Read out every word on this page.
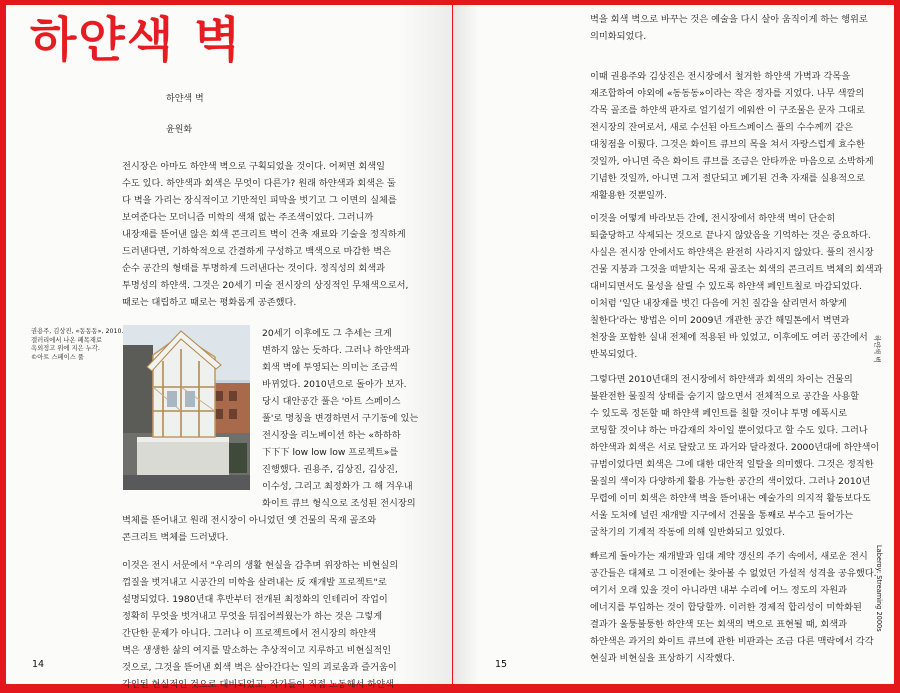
하얀색 벽
하얀색 벽
윤원화
전시장은 아마도 하얀색 벽으로 구획되었을 것이다. 어쩌면 회색일
수도 있다. 하얀색과 회색은 무엇이 다른가? 원래 하얀색과 회색은 둘
다 벽을 가리는 장식적이고 기만적인 피막을 벗기고 그 이면의 실체를
보여준다는 모더니즘 미학의 색채 없는 주조색이었다. 그러니까
내장재를 뜯어낸 않은 회색 콘크리트 벽이 건축 재료와 기술을 정직하게
드러낸다면, 기하학적으로 간결하게 구성하고 백색으로 마감한 벽은
순수 공간의 형태를 투명하게 드러낸다는 것이다. 정직성의 회색과
투명성의 하얀색. 그것은 20세기 미술 전시장의 상징적인 무채색으로서,
때로는 대립하고 때로는 평화롭게 공존했다.
권용주, 김상진, «동동동», 2010.
갤러리에서 나온 폐목재로
옥외정고 위에 지은 누각.
©아트 스페이스 풀
20세기 이후에도 그 추세는 크게
변하지 않는 듯하다. 그러나 하얀색과
회색 벽에 투영되는 의미는 조금씩
바뀌었다. 2010년으로 돌아가 보자.
당시 대안공간 풀은 '아트 스페이스
풀'로 명칭을 변경하면서 구기동에 있는
전시장을 리노베이션 하는 «하하하
下下下 low low low 프로젝트»를
진행했다. 권용주, 김상진, 김상진,
이수성, 그리고 최정화가 그 해 겨우내
화이트 큐브 형식으로 조성된 전시장의
벽체를 뜯어내고 원래 전시장이 아니었던 옛 건물의 목재 골조와
콘크리트 벽체를 드러냈다.
이것은 전시 서문에서 "우리의 생활 현실을 감추며 위장하는 비현실의
껍질을 벗겨내고 시공간의 미학을 살려내는 反 재개발 프로젝트"로
설명되었다. 1980년대 후반부터 전개된 최정화의 인테리어 작업이
정확히 무엇을 벗겨내고 무엇을 뒤집어씌웠는가 하는 것은 그렇게
간단한 문제가 아니다. 그러나 이 프로젝트에서 전시장의 하얀색
벽은 생생한 삶의 여지를 말소하는 추상적이고 지루하고 비현실적인
것으로, 그것을 뜯어낸 회색 벽은 살아간다는 일의 괴로움과 즐거움이
각인된 현실적인 것으로 대비되었고, 작가들이 직접 노동해서 하얀색
14
벽을 회색 벽으로 바꾸는 것은 예술을 다시 살아 움직이게 하는 행위로
의미화되었다.
이때 권용주와 김상진은 전시장에서 철거한 하얀색 가벽과 각목을
재조합하여 야외에 «동동동»이라는 작은 정자를 지었다. 나무 색깔의
각목 골조를 하얀색 판자로 얼기설기 에워싼 이 구조물은 문자 그대로
전시장의 잔여로서, 새로 수선된 아트스페이스 풀의 수수께끼 같은
대칭점을 이뤘다. 그것은 화이트 큐브의 목을 쳐서 자랑스럽게 효수한
것일까, 아니면 죽은 화이트 큐브를 조금은 안타까운 마음으로 소박하게
기념한 것일까, 아니면 그저 절단되고 폐기된 건축 자재를 실용적으로
재활용한 것뿐일까.
이것을 어떻게 바라보든 간에, 전시장에서 하얀색 벽이 단순히
퇴출당하고 삭제되는 것으로 끝나지 않았음을 기억하는 것은 중요하다.
사실은 전시장 안에서도 하얀색은 완전히 사라지지 않았다. 풀의 전시장
건물 지붕과 그것을 떠받치는 목재 골조는 회색의 콘크리트 벽체의 회색과
대비되면서도 물성을 살릴 수 있도록 하얀색 페인트칠로 마감되었다.
이처럼 '일단 내장재를 벗긴 다음에 거친 질감을 살리면서 하얗게
칠한다'라는 방법은 이미 2009년 개관한 공간 해밀톤에서 벽면과
천장을 포함한 실내 전체에 적용된 바 있었고, 이후에도 여러 공간에서
반복되었다.
그렇다면 2010년대의 전시장에서 하얀색과 회색의 차이는 건물의
불완전한 물질적 상태를 숨기지 않으면서 전체적으로 공간을 사용할
수 있도록 정돈할 때 하얀색 페인트를 칠할 것이냐 투명 에폭시로
코팅할 것이냐 하는 마감재의 차이일 뿐이었다고 할 수도 있다. 그러나
하얀색과 회색은 서로 달랐고 또 과거와 달라졌다. 2000년대에 하얀색이
규범이었다면 회색은 그에 대한 대안적 일탈을 의미했다. 그것은 정직한
물질의 색이자 다양하게 활용 가능한 공간의 색이었다. 그러나 2010년
무렵에 이미 회색은 하얀색 벽을 뜯어내는 예술가의 의지적 활동보다도
서울 도처에 널린 재개발 지구에서 건물을 통째로 부수고 들어가는
굴착기의 기계적 작동에 의해 일반화되고 있었다.
빠르게 돌아가는 재개발과 임대 계약 갱신의 주기 속에서, 새로운 전시
공간들은 대체로 그 이전에는 찾아볼 수 없었던 가설적 성격을 공유했다.
여기서 오래 있을 것이 아니라면 내부 수리에 어느 정도의 자원과
에너지를 투입하는 것이 합당할까. 이러한 경제적 합리성이 미학화된
결과가 울퉁불퉁한 하얀색 또는 회색의 벽으로 표현될 때, 회색과
하얀색은 과거의 화이트 큐브에 관한 비판과는 조금 다른 맥락에서 각각
현실과 비현실을 표상하기 시작했다.
15
하얀색 벽
Laberoy: Streaming 2000s
